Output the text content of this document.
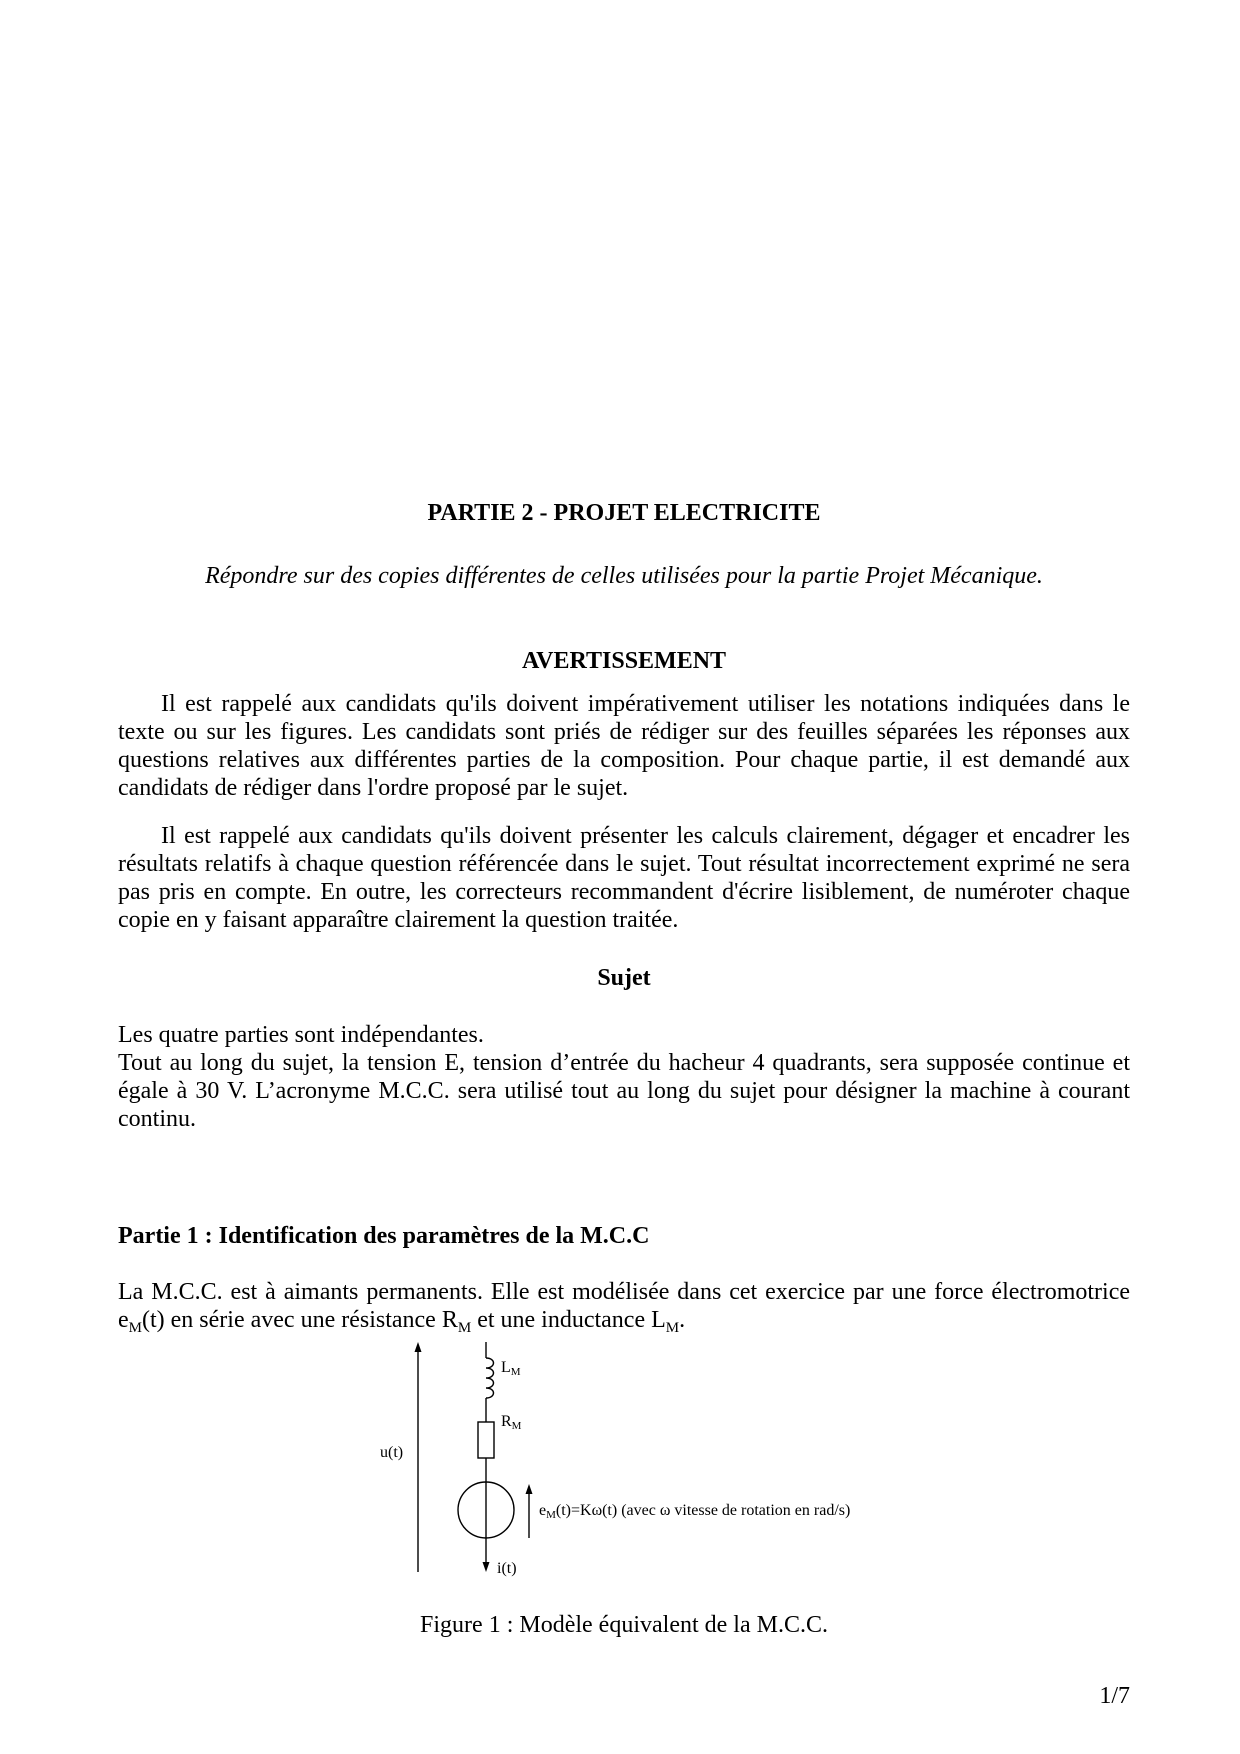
PARTIE 2 - PROJET ELECTRICITE
Répondre sur des copies différentes de celles utilisées pour la partie Projet Mécanique.
AVERTISSEMENT

Il est rappelé aux candidats qu'ils doivent impérativement utiliser les notations indiquées dans le texte ou sur les figures. Les candidats sont priés de rédiger sur des feuilles séparées les réponses aux questions relatives aux différentes parties de la composition. Pour chaque partie, il est demandé aux candidats de rédiger dans l'ordre proposé par le sujet.

Il est rappelé aux candidats qu'ils doivent présenter les calculs clairement, dégager et encadrer les résultats relatifs à chaque question référencée dans le sujet. Tout résultat incorrectement exprimé ne sera pas pris en compte. En outre, les correcteurs recommandent d'écrire lisiblement, de numéroter chaque copie en y faisant apparaître clairement la question traitée.

Sujet

Les quatre parties sont indépendantes.

Tout au long du sujet, la tension E, tension d’entrée du hacheur 4 quadrants, sera supposée continue et égale à 30 V. L’acronyme M.C.C. sera utilisé tout au long du sujet pour désigner la machine à courant continu.

Partie 1 : Identification des paramètres de la M.C.C

La M.C.C. est à aimants permanents. Elle est modélisée dans cet exercice par une force électromotrice $e_M(t)$ en série avec une résistance $R_M$ et une inductance $L_M$.

$L_M$
$R_M$
u(t)
$e_M(t)=K\omega(t)$ (avec ω vitesse de rotation en rad/s)
i(t)
Figure 1 : Modèle équivalent de la M.C.C.
1/7
